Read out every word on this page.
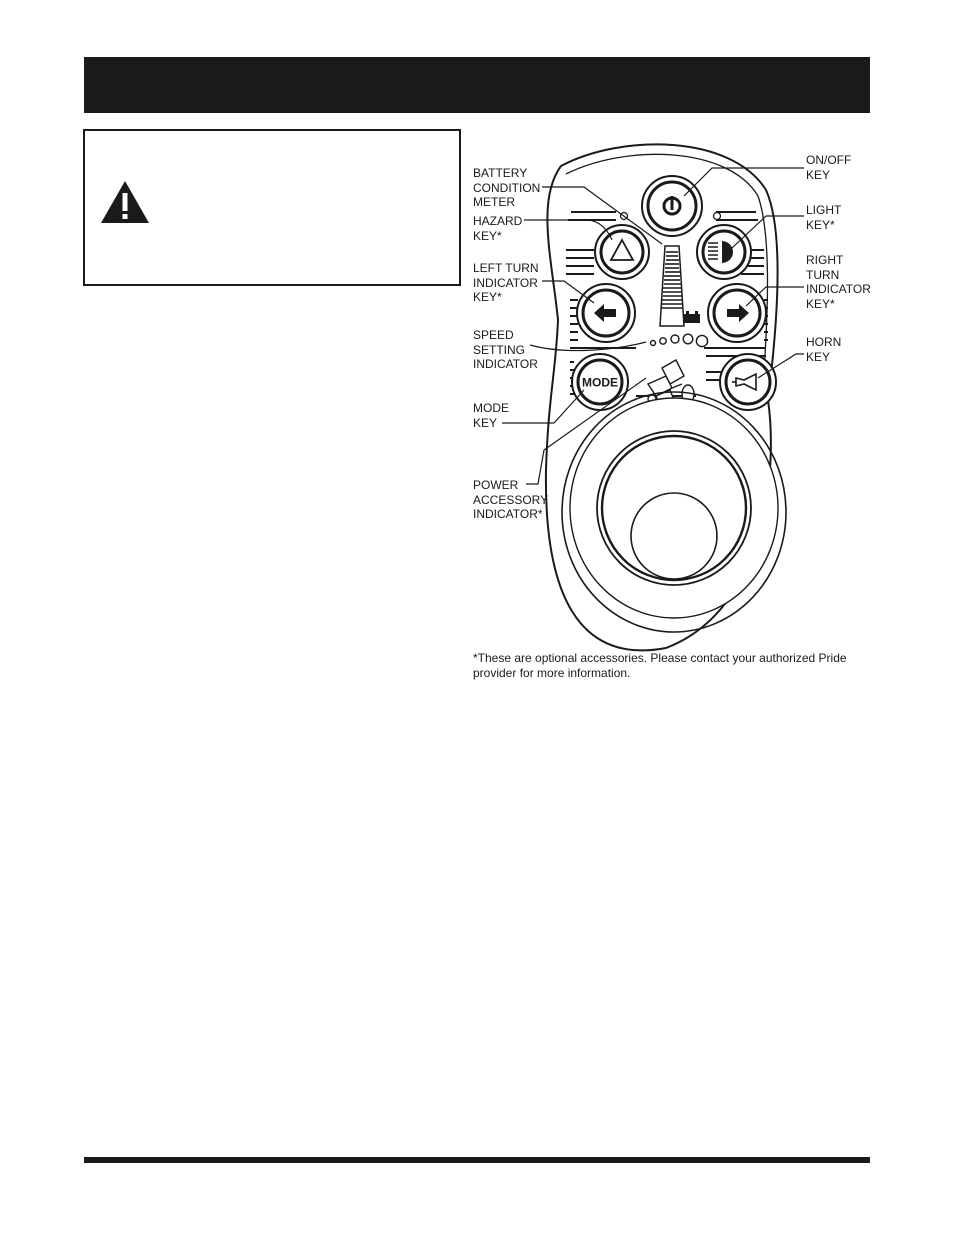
MODE
BATTERY
CONDITION
METER
HAZARD
KEY*
LEFT TURN
INDICATOR
KEY*
SPEED
SETTING
INDICATOR
MODE
KEY
POWER
ACCESSORY
INDICATOR*
ON/OFF
KEY
LIGHT
KEY*
RIGHT
TURN
INDICATOR
KEY*
HORN
KEY
*These are optional accessories. Please contact your authorized Pride provider for more information.
